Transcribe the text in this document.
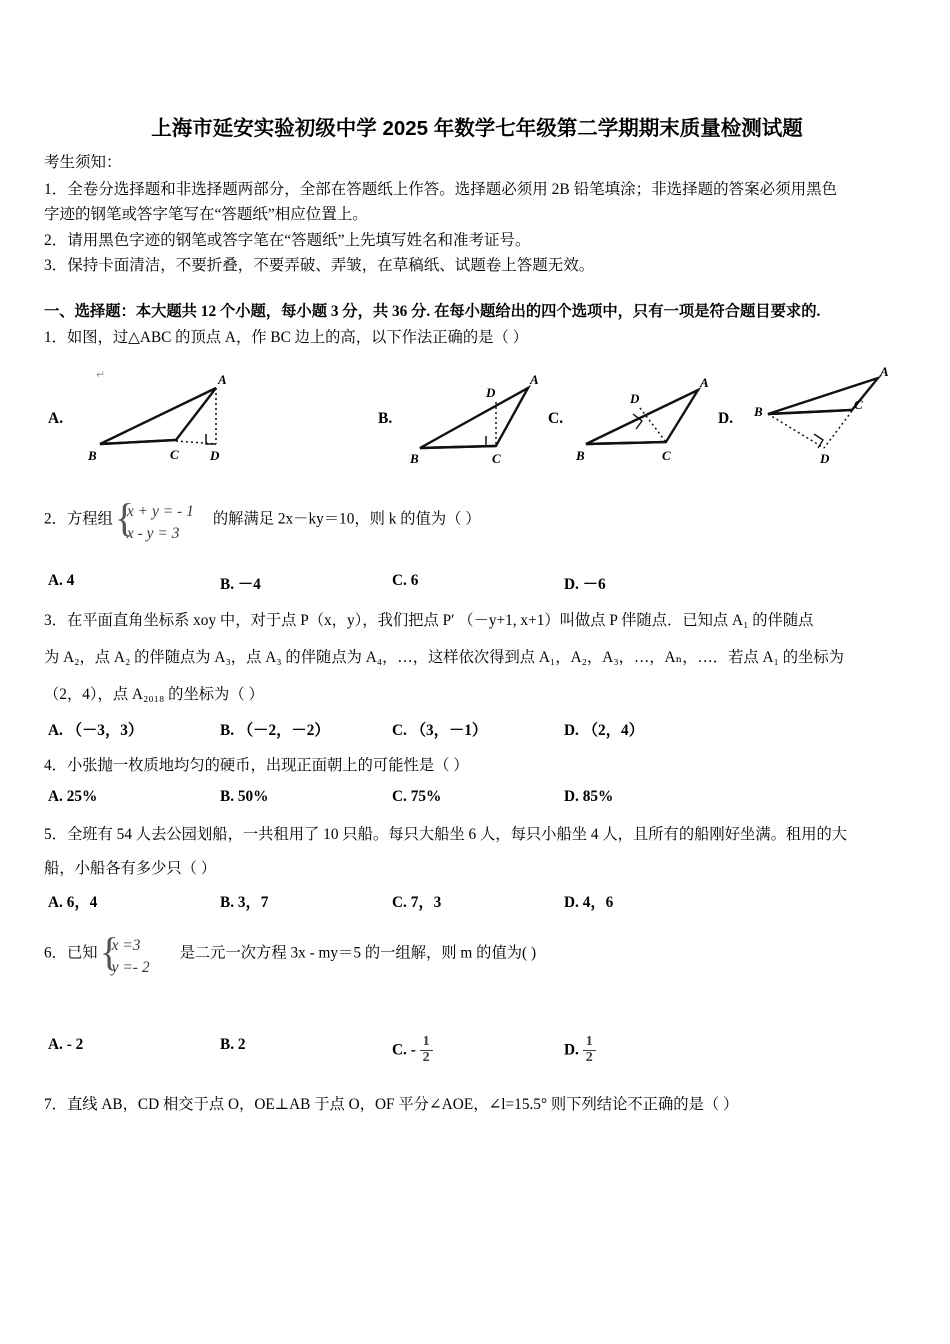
上海市延安实验初级中学 2025 年数学七年级第二学期期末质量检测试题
考生须知：
1．全卷分选择题和非选择题两部分，全部在答题纸上作答。选择题必须用 2B 铅笔填涂；非选择题的答案必须用黑色
字迹的钢笔或答字笔写在“答题纸”相应位置上。
2．请用黑色字迹的钢笔或答字笔在“答题纸”上先填写姓名和准考证号。
3．保持卡面清洁，不要折叠，不要弄破、弄皱，在草稿纸、试题卷上答题无效。
一、选择题：本大题共 12 个小题，每小题 3 分，共 36 分. 在每小题给出的四个选项中，只有一项是符合题目要求的.
1．如图，过△ABC 的顶点 A，作 BC 边上的高，以下作法正确的是（ ）
A.
↵	A
B	C D
B.
A
D
B	C
C.
A
D
B	C
D.
A
B	C
D
2．方程组 {
x + y = - 1
x - y = 3
的解满足 2x－ky＝10，则 k 的值为（ ）
A. 4	B. －4	C. 6	D. －6
3．在平面直角坐标系 xoy 中，对于点 P（x，y），我们把点 P′ （－y+1, x+1）叫做点 P 伴随点．已知点 A₁ 的伴随点
为 A₂，点 A₂ 的伴随点为 A₃，点 A₃ 的伴随点为 A₄，…，这样依次得到点 A₁，A₂，A₃，…，Aₙ，…．若点 A₁ 的坐标为
（2，4），点 A₂₀₁₈ 的坐标为（ ）
A. （－3，3）	B. （－2，－2）	C. （3，－1）	D. （2，4）
4．小张抛一枚质地均匀的硬币，出现正面朝上的可能性是（ ）
A. 25%	B. 50%	C. 75%	D. 85%
5．全班有 54 人去公园划船，一共租用了 10 只船。每只大船坐 6 人，每只小船坐 4 人，且所有的船刚好坐满。租用的大
船，小船各有多少只（ ）
A. 6，4	B. 3，7	C. 7，3	D. 4，6
6．已知 {
x =3
y =- 2
是二元一次方程 3x - my＝5 的一组解，则 m 的值为( )
A. - 2	B. 2	C. - $\frac{1}{2}$	D. $\frac{1}{2}$
7．直线 AB，CD 相交于点 O，OE⊥AB 于点 O，OF 平分∠AOE，∠l=15.5° 则下列结论不正确的是（ ）
